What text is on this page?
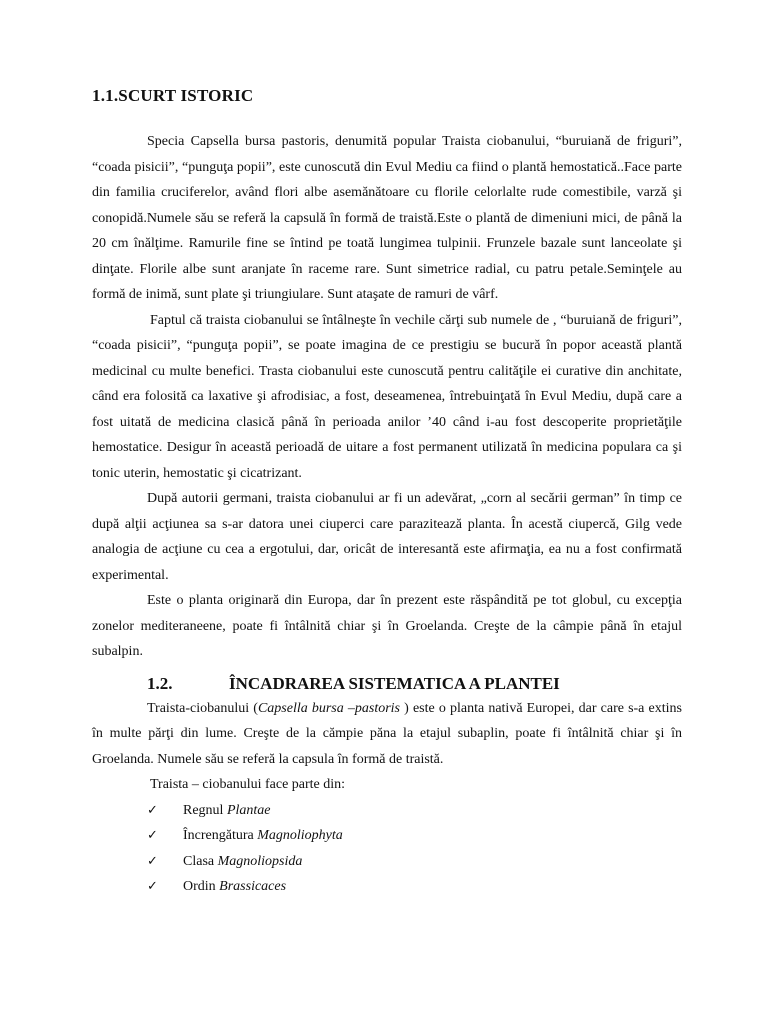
1.1.SCURT ISTORIC

Specia Capsella bursa pastoris, denumită popular Traista ciobanului, “buruiană de friguri”, “coada pisicii”, “punguţa popii”, este cunoscută din Evul Mediu ca fiind o plantă hemostatică..Face parte din familia cruciferelor, având flori albe asemănătoare cu florile celorlalte rude comestibile, varză şi conopidă.Numele său se referă la capsulă în formă de traistă.Este o plantă de dimeniuni mici, de până la 20 cm înălţime. Ramurile fine se întind pe toată lungimea tulpinii. Frunzele bazale sunt lanceolate şi dinţate. Florile albe sunt aranjate în raceme rare. Sunt simetrice radial, cu patru petale.Seminţele au formă de inimă, sunt plate şi triungiulare. Sunt ataşate de ramuri de vârf.

Faptul că traista ciobanului se întâlneşte în vechile cărţi sub numele de , “buruiană de friguri”, “coada pisicii”, “punguţa popii”, se poate imagina de ce prestigiu se bucură în popor această plantă medicinal cu multe benefici. Trasta ciobanului este cunoscută pentru calităţile ei curative din anchitate, când era folosită ca laxative şi afrodisiac, a fost, deseamenea, întrebuinţată în Evul Mediu, după care a fost uitată de medicina clasică până în perioada anilor ’40 când i-au fost descoperite proprietăţile hemostatice. Desigur în această perioadă de uitare a fost permanent utilizată în medicina populara ca şi tonic uterin, hemostatic şi cicatrizant.

După autorii germani, traista ciobanului ar fi un adevărat, „corn al secării german” în timp ce după alţii acţiunea sa s-ar datora unei ciuperci care parazitează planta. În acestă ciupercă, Gilg vede analogia de acţiune cu cea a ergotului, dar, oricât de interesantă este afirmaţia, ea nu a fost confirmată experimental.

Este o planta originară din Europa, dar în prezent este răspândită pe tot globul, cu excepţia zonelor mediteraneene, poate fi întâlnită chiar şi în Groelanda. Creşte de la câmpie până în etajul subalpin.

1.2.	ÎNCADRAREA SISTEMATICA A PLANTEI

Traista-ciobanului (Capsella bursa –pastoris ) este o planta nativă Europei, dar care s-a extins în multe părţi din lume. Creşte de la cămpie păna la etajul subaplin, poate fi întâlnită chiar şi în Groelanda. Numele său se referă la capsula în formă de traistă.

Traista – ciobanului face parte din:

✓	Regnul
Plantae
✓	Încrengătura
Magnoliophyta
✓	Clasa
Magnoliopsida
✓	Ordin
Brassicaces
